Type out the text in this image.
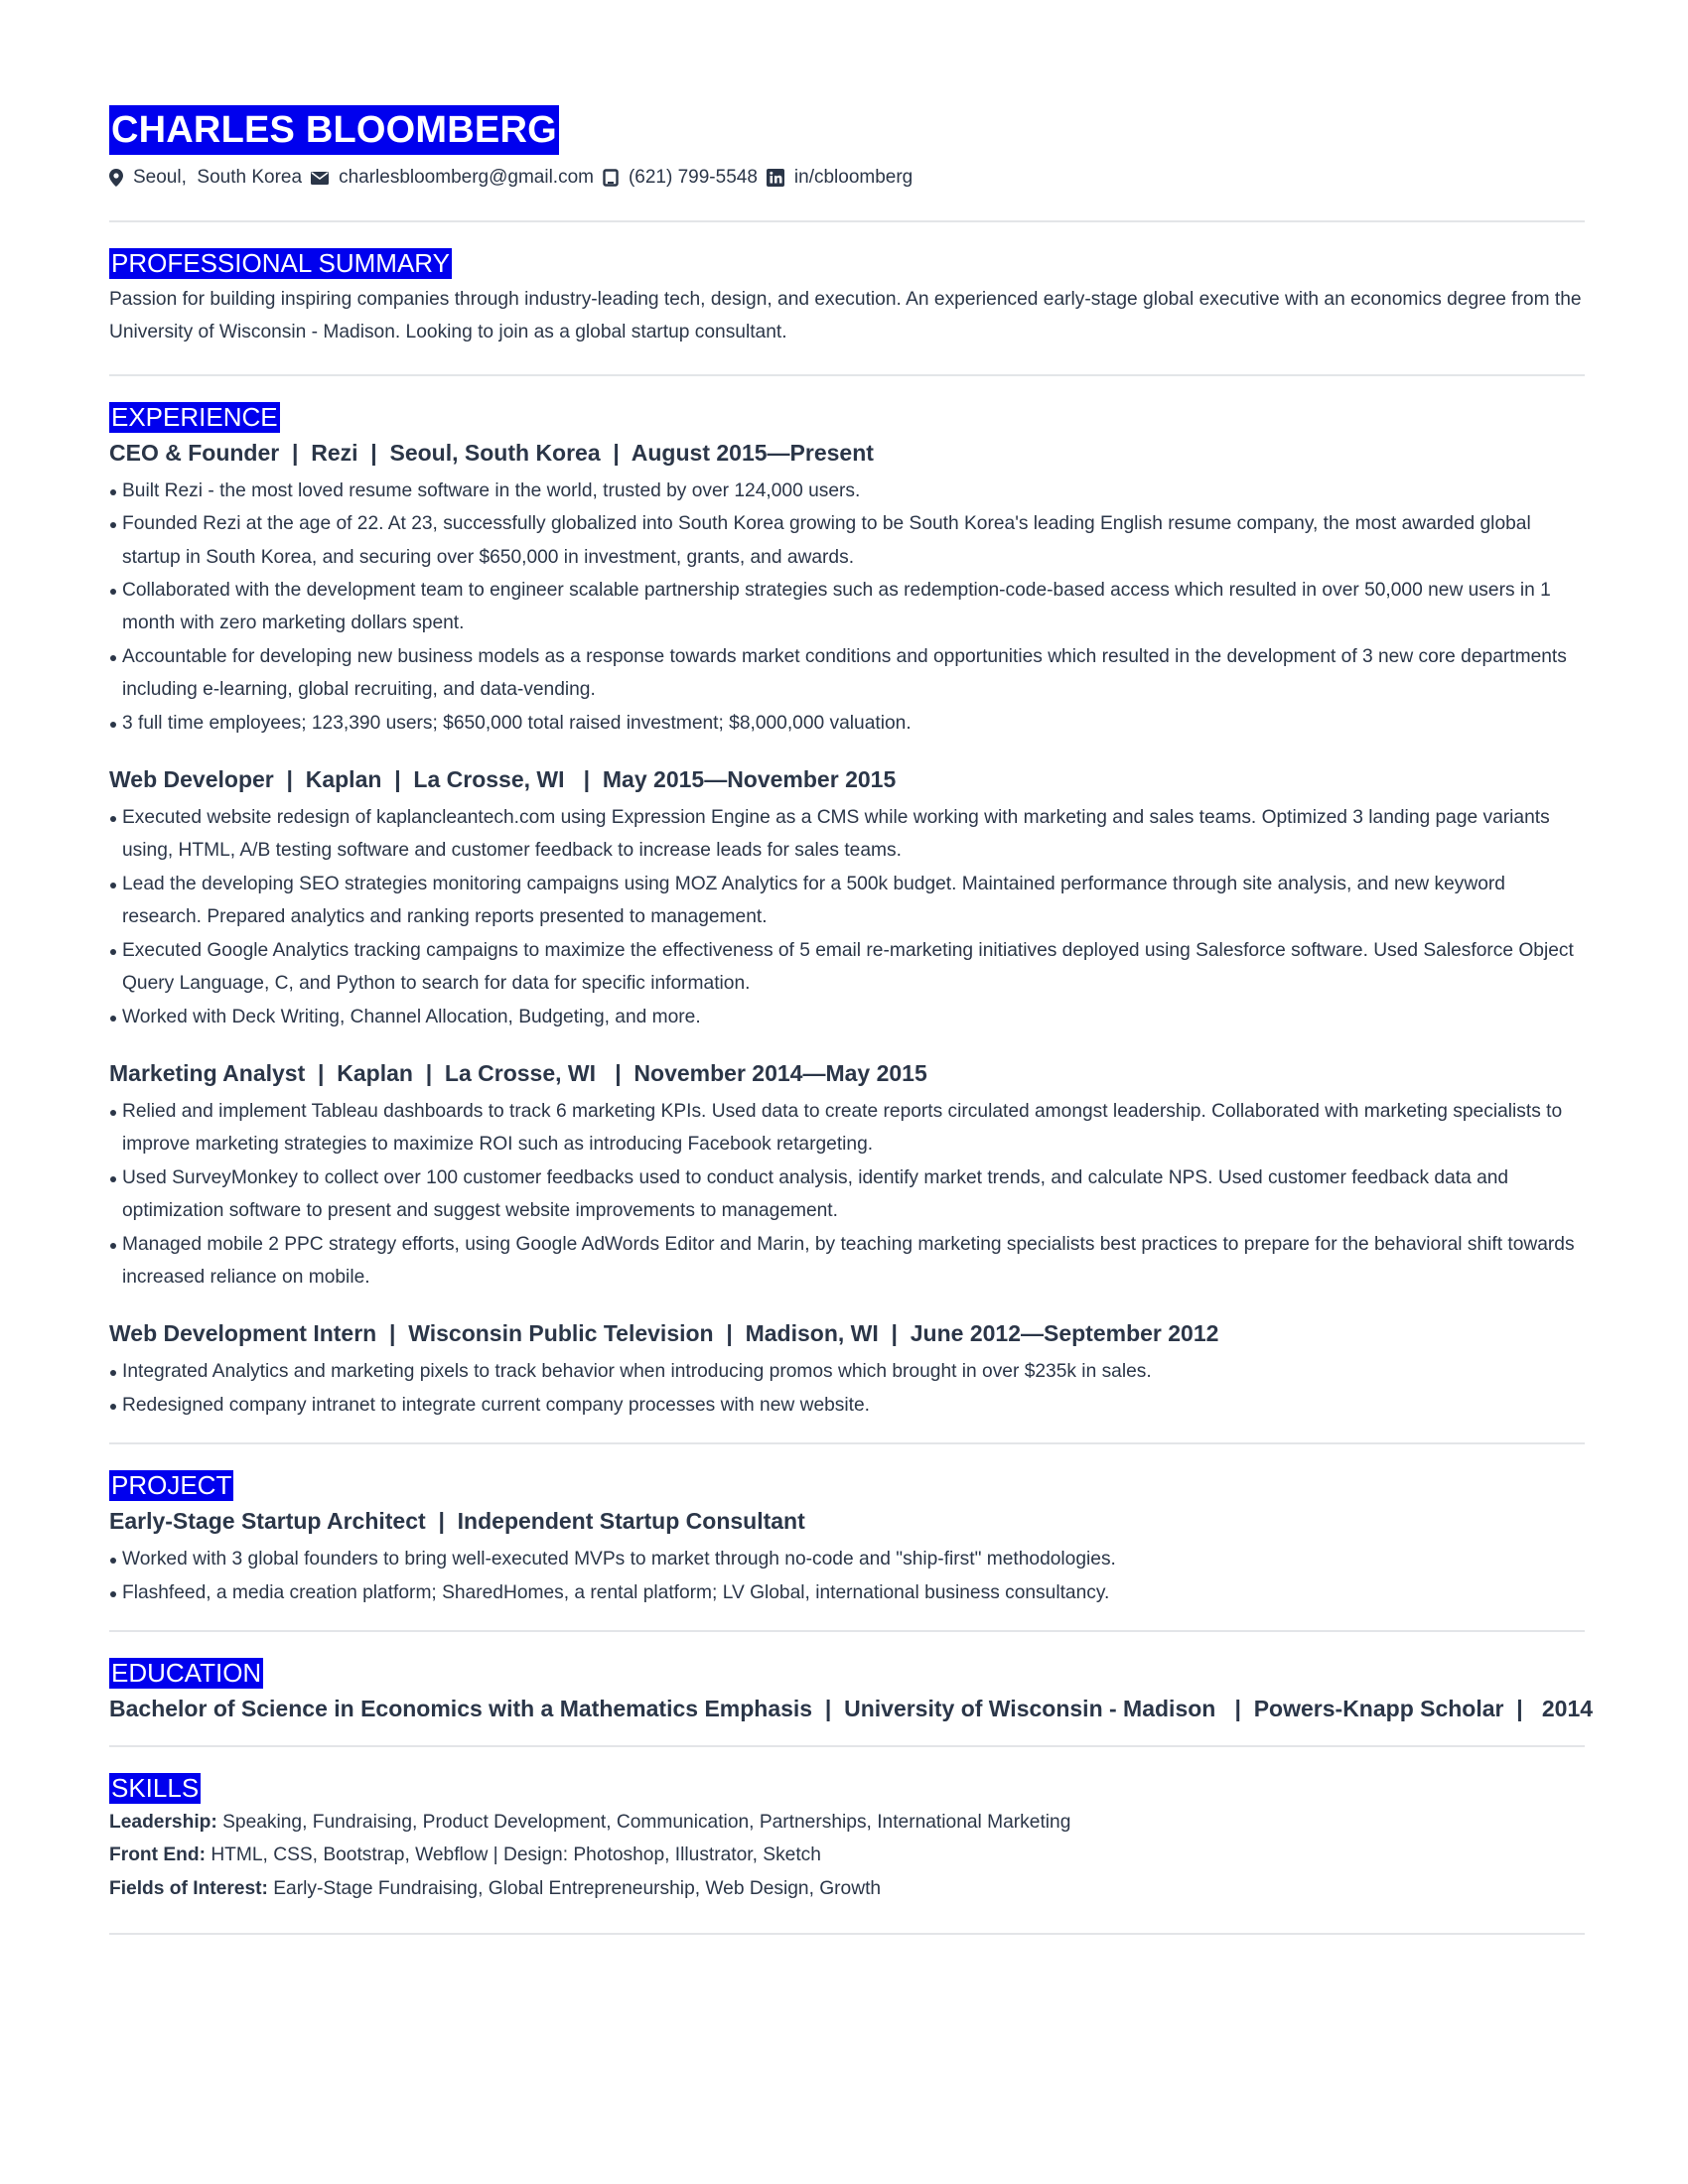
CHARLES BLOOMBERG
Seoul,  South Korea charlesbloomberg@gmail.com (621) 799-5548 in/cbloomberg
PROFESSIONAL SUMMARY
Passion for building inspiring companies through industry-leading tech, design, and execution. An experienced early-stage global executive with an economics degree from the University of Wisconsin - Madison. Looking to join as a global startup consultant.
EXPERIENCE
CEO & Founder  |  Rezi  |  Seoul, South Korea  |  August 2015—Present
Built Rezi - the most loved resume software in the world, trusted by over 124,000 users.
Founded Rezi at the age of 22. At 23, successfully globalized into South Korea growing to be South Korea's leading English resume company, the most awarded global startup in South Korea, and securing over $650,000 in investment, grants, and awards.
Collaborated with the development team to engineer scalable partnership strategies such as redemption-code-based access which resulted in over 50,000 new users in 1 month with zero marketing dollars spent.
Accountable for developing new business models as a response towards market conditions and opportunities which resulted in the development of 3 new core departments including e-learning, global recruiting, and data-vending.
3 full time employees; 123,390 users; $650,000 total raised investment; $8,000,000 valuation.
Web Developer  |  Kaplan  |  La Crosse, WI   |  May 2015—November 2015
Executed website redesign of kaplancleantech.com using Expression Engine as a CMS while working with marketing and sales teams. Optimized 3 landing page variants using, HTML, A/B testing software and customer feedback to increase leads for sales teams.
Lead the developing SEO strategies monitoring campaigns using MOZ Analytics for a 500k budget. Maintained performance through site analysis, and new keyword research. Prepared analytics and ranking reports presented to management.
Executed Google Analytics tracking campaigns to maximize the effectiveness of 5 email re-marketing initiatives deployed using Salesforce software. Used Salesforce Object Query Language, C, and Python to search for data for specific information.
Worked with Deck Writing, Channel Allocation, Budgeting, and more.
Marketing Analyst  |  Kaplan  |  La Crosse, WI   |  November 2014—May 2015
Relied and implement Tableau dashboards to track 6 marketing KPIs. Used data to create reports circulated amongst leadership. Collaborated with marketing specialists to improve marketing strategies to maximize ROI such as introducing Facebook retargeting.
Used SurveyMonkey to collect over 100 customer feedbacks used to conduct analysis, identify market trends, and calculate NPS. Used customer feedback data and optimization software to present and suggest website improvements to management.
Managed mobile 2 PPC strategy efforts, using Google AdWords Editor and Marin, by teaching marketing specialists best practices to prepare for the behavioral shift towards increased reliance on mobile.
Web Development Intern  |  Wisconsin Public Television  |  Madison, WI  |  June 2012—September 2012
Integrated Analytics and marketing pixels to track behavior when introducing promos which brought in over $235k in sales.
Redesigned company intranet to integrate current company processes with new website.
PROJECT
Early-Stage Startup Architect  |  Independent Startup Consultant
Worked with 3 global founders to bring well-executed MVPs to market through no-code and "ship-first" methodologies.
Flashfeed, a media creation platform; SharedHomes, a rental platform; LV Global, international business consultancy.
EDUCATION
Bachelor of Science in Economics with a Mathematics Emphasis  |  University of Wisconsin - Madison   |  Powers-Knapp Scholar  |   2014
SKILLS
Leadership: Speaking, Fundraising, Product Development, Communication, Partnerships, International Marketing
Front End: HTML, CSS, Bootstrap, Webflow | Design: Photoshop, Illustrator, Sketch
Fields of Interest: Early-Stage Fundraising, Global Entrepreneurship, Web Design, Growth
